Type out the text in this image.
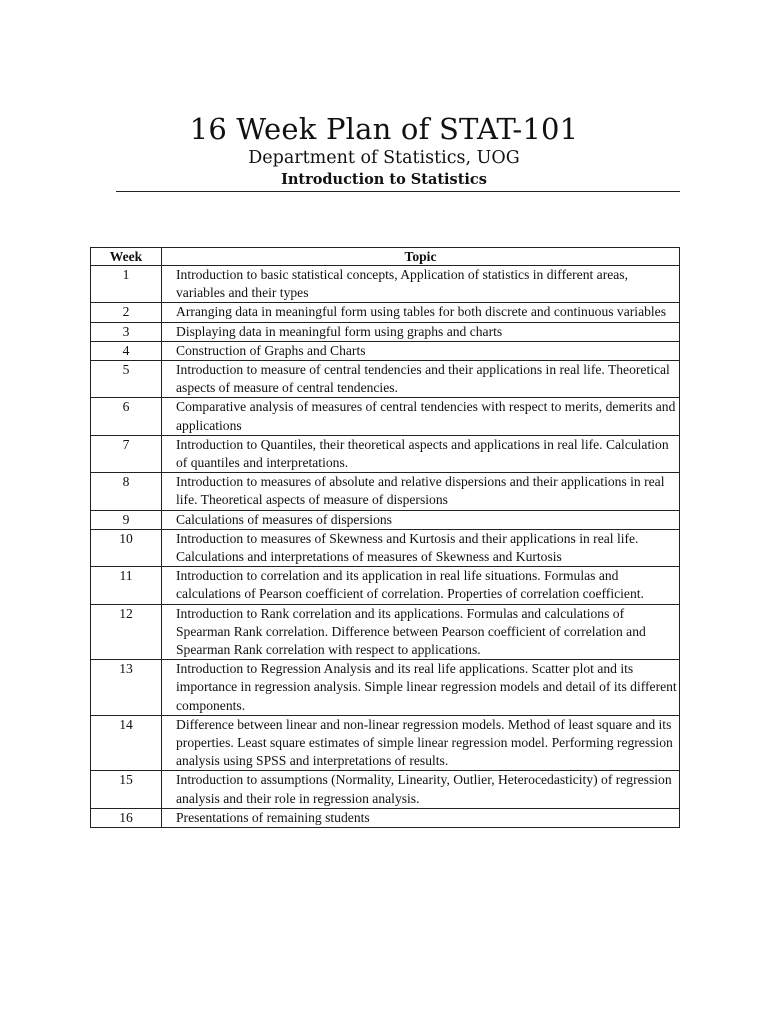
16 Week Plan of STAT-101
Department of Statistics, UOG
Introduction to Statistics
Week	Topic
1	Introduction to basic statistical concepts, Application of statistics in different areas, variables and their types
2	Arranging data in meaningful form using tables for both discrete and continuous variables
3	Displaying data in meaningful form using graphs and charts
4	Construction of Graphs and Charts
5	Introduction to measure of central tendencies and their applications in real life. Theoretical aspects of measure of central tendencies.
6	Comparative analysis of measures of central tendencies with respect to merits, demerits and applications
7	Introduction to Quantiles, their theoretical aspects and applications in real life. Calculation of quantiles and interpretations.
8	Introduction to measures of absolute and relative dispersions and their applications in real life. Theoretical aspects of measure of dispersions
9	Calculations of measures of dispersions
10	Introduction to measures of Skewness and Kurtosis and their applications in real life. Calculations and interpretations of measures of Skewness and Kurtosis
11	Introduction to correlation and its application in real life situations. Formulas and calculations of Pearson coefficient of correlation. Properties of correlation coefficient.
12	Introduction to Rank correlation and its applications. Formulas and calculations of Spearman Rank correlation. Difference between Pearson coefficient of correlation and Spearman Rank correlation with respect to applications.
13	Introduction to Regression Analysis and its real life applications. Scatter plot and its importance in regression analysis. Simple linear regression models and detail of its different components.
14	Difference between linear and non-linear regression models. Method of least square and its properties. Least square estimates of simple linear regression model. Performing regression analysis using SPSS and interpretations of results.
15	Introduction to assumptions (Normality, Linearity, Outlier, Heterocedasticity) of regression analysis and their role in regression analysis.
16	Presentations of remaining students
